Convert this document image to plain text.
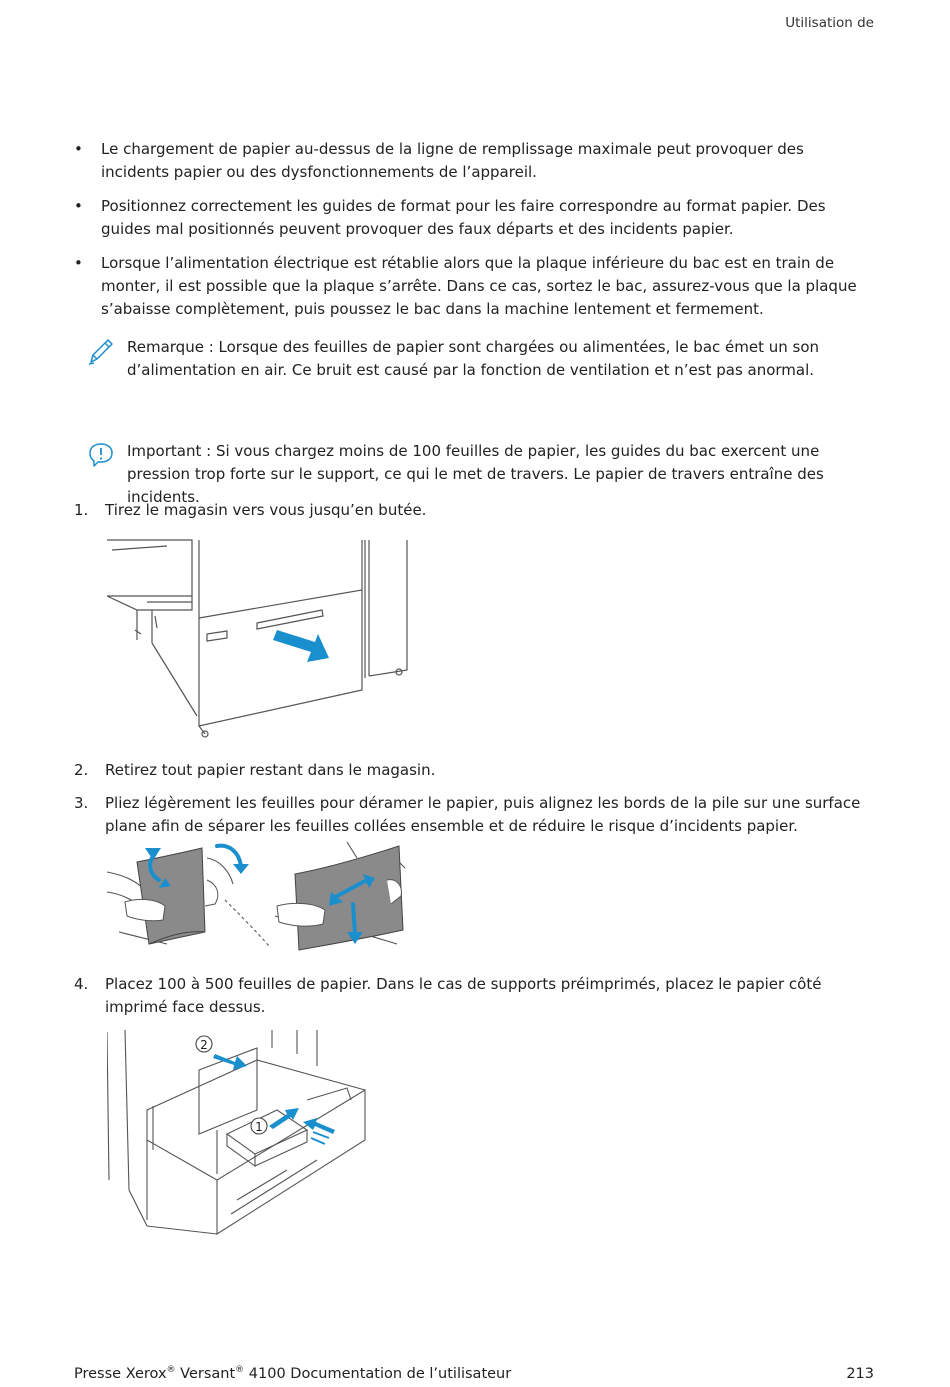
Utilisation de
• Le chargement de papier au-dessus de la ligne de remplissage maximale peut provoquer des incidents papier ou des dysfonctionnements de l’appareil.
• Positionnez correctement les guides de format pour les faire correspondre au format papier. Des guides mal positionnés peuvent provoquer des faux départs et des incidents papier.
• Lorsque l’alimentation électrique est rétablie alors que la plaque inférieure du bac est en train de monter, il est possible que la plaque s’arrête. Dans ce cas, sortez le bac, assurez-vous que la plaque s’abaisse complètement, puis poussez le bac dans la machine lentement et fermement.
Remarque : Lorsque des feuilles de papier sont chargées ou alimentées, le bac émet un son d’alimentation en air. Ce bruit est causé par la fonction de ventilation et n’est pas anormal.
Important : Si vous chargez moins de 100 feuilles de papier, les guides du bac exercent une pression trop forte sur le support, ce qui le met de travers. Le papier de travers entraîne des incidents.
1. Tirez le magasin vers vous jusqu’en butée.
2. Retirez tout papier restant dans le magasin.
3. Pliez légèrement les feuilles pour déramer le papier, puis alignez les bords de la pile sur une surface plane afin de séparer les feuilles collées ensemble et de réduire le risque d’incidents papier.
4. Placez 100 à 500 feuilles de papier. Dans le cas de supports préimprimés, placez le papier côté imprimé face dessus.
2
1
Presse Xerox® Versant® 4100 Documentation de l’utilisateur	213
